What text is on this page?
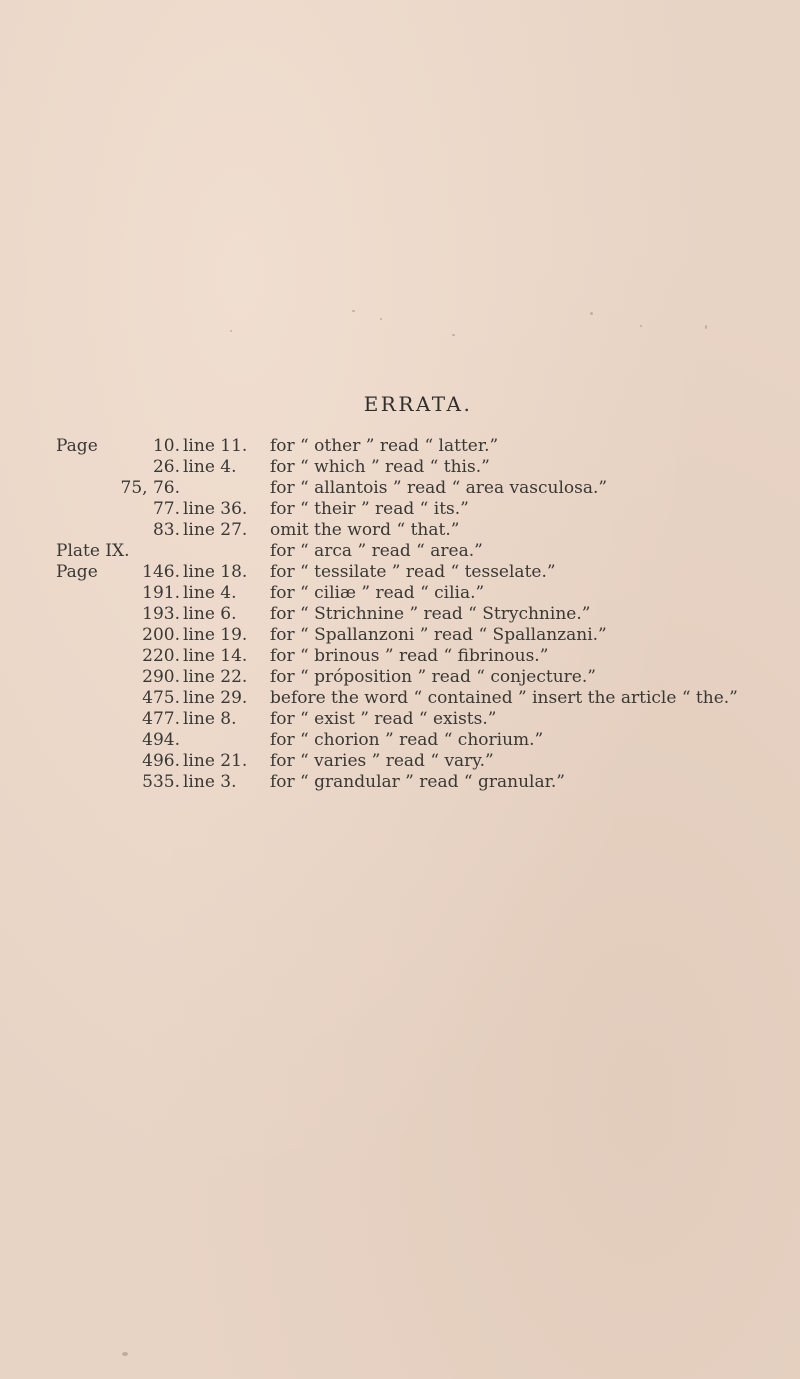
ERRATA.
Page	10. line 11. for “ other ” read “ latter.”
26. line 4. for “ which ” read “ this.”
75, 76.	for “ allantois ” read “ area vasculosa.”
77. line 36. for “ their ” read “ its.”
83. line 27. omit the word “ that.”
Plate IX.	for “ arca ” read “ area.”
Page	146. line 18. for “ tessilate ” read “ tesselate.”
191. line 4. for “ ciliæ ” read “ cilia.”
193. line 6. for “ Strichnine ” read “ Strychnine.”
200. line 19. for “ Spallanzoni ” read “ Spallanzani.”
220. line 14. for “ brinous ” read “ fibrinous.”
290. line 22. for “ próposition ” read “ conjecture.”
475. line 29. before the word “ contained ” insert the article “ the.”
477. line 8. for “ exist ” read “ exists.”
494.	for “ chorion ” read “ chorium.”
496. line 21. for “ varies ” read “ vary.”
535. line 3. for “ grandular ” read “ granular.”
